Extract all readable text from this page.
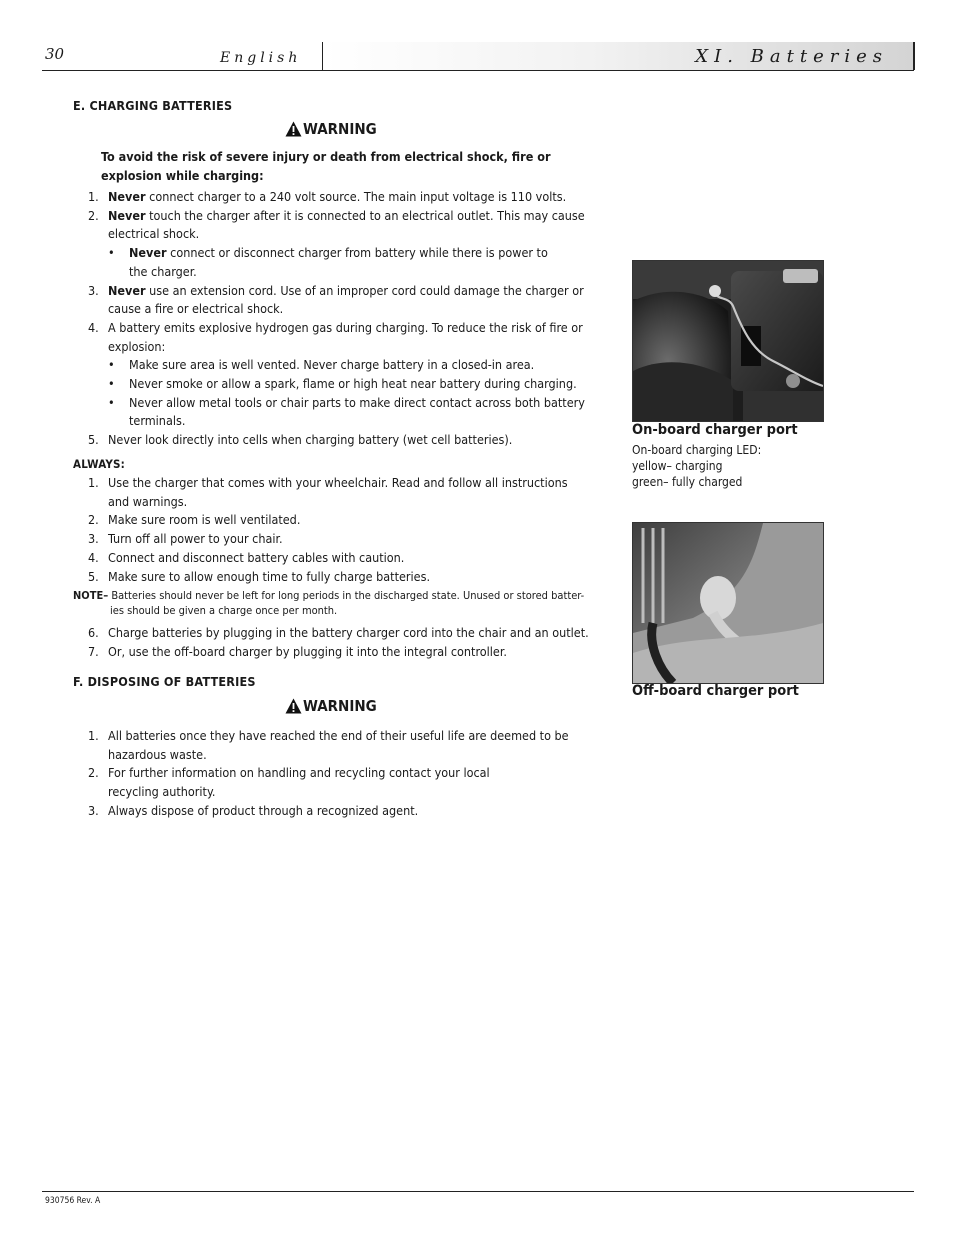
30	English	XI. Batteries
E. CHARGING BATTERIES
WARNING
To avoid the risk of severe injury or death from electrical shock, fire or explosion while charging:
1. Never connect charger to a 240 volt source. The main input voltage is 110 volts.
2. Never touch the charger after it is connected to an electrical outlet. This may cause electrical shock.
• Never connect or disconnect charger from battery while there is power to the charger.
3. Never use an extension cord. Use of an improper cord could damage the charger or cause a fire or electrical shock.
4. A battery emits explosive hydrogen gas during charging. To reduce the risk of fire or explosion:
• Make sure area is well vented. Never charge battery in a closed-in area.
• Never smoke or allow a spark, flame or high heat near battery during charging.
• Never allow metal tools or chair parts to make direct contact across both battery terminals.
5. Never look directly into cells when charging battery (wet cell batteries).
ALWAYS:
1. Use the charger that comes with your wheelchair. Read and follow all instructions and warnings.
2. Make sure room is well ventilated.
3. Turn off all power to your chair.
4. Connect and disconnect battery cables with caution.
5. Make sure to allow enough time to fully charge batteries.
NOTE– Batteries should never be left for long periods in the discharged state. Unused or stored batter-
ies should be given a charge once per month.
6. Charge batteries by plugging in the battery charger cord into the chair and an outlet.
7. Or, use the off-board charger by plugging it into the integral controller.
F. DISPOSING OF BATTERIES
WARNING
1. All batteries once they have reached the end of their useful life are deemed to be hazardous waste.
2. For further information on handling and recycling contact your local recycling authority.
3. Always dispose of product through a recognized agent.
On-board charger port
On-board charging LED:
yellow– charging
green– fully charged
Off-board charger port
930756 Rev. A
